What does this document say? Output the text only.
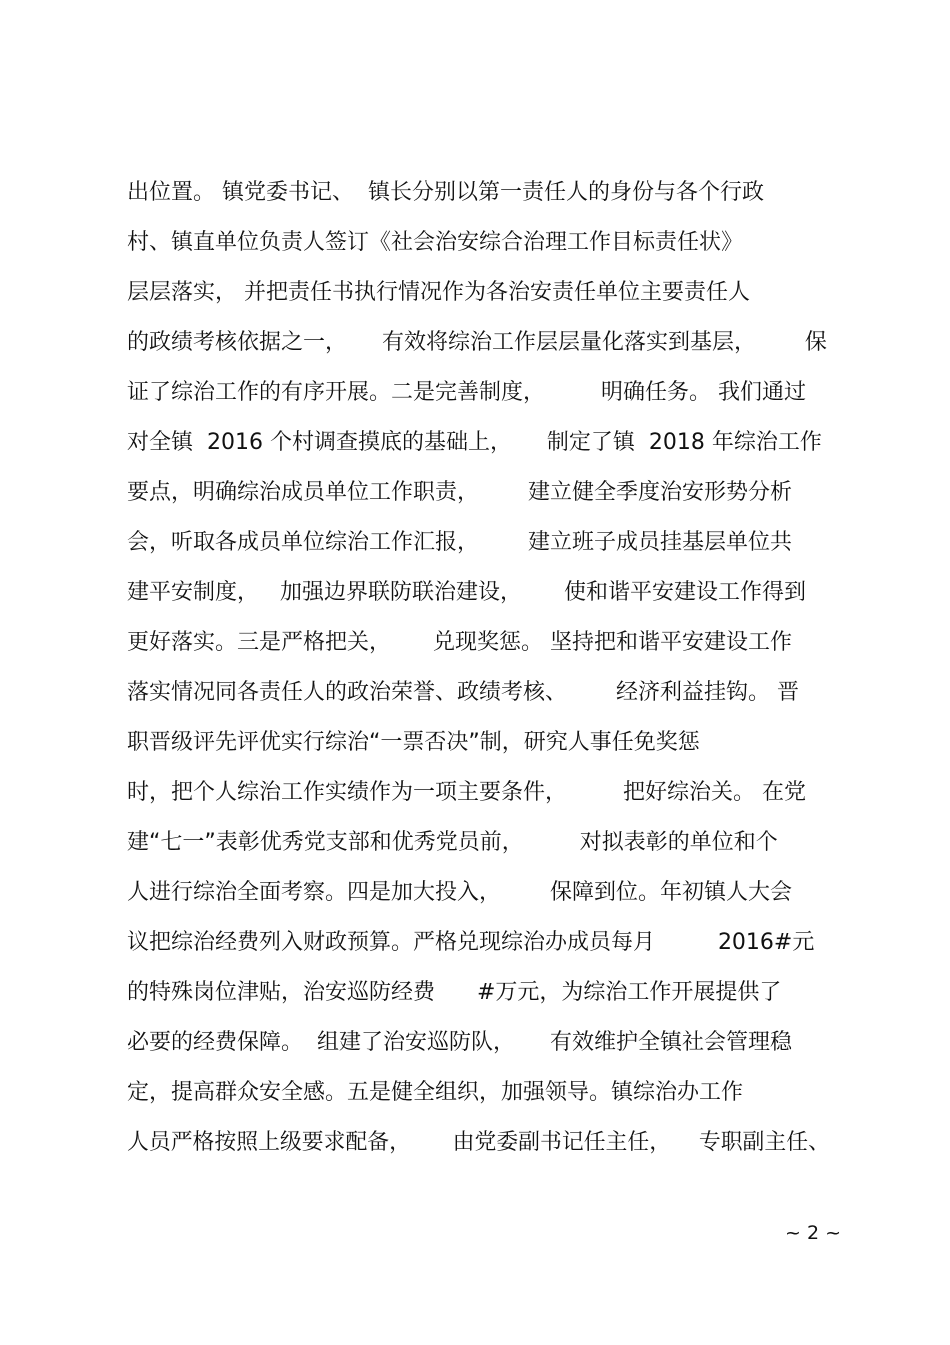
出位置。 镇党委书记、  镇长分别以第一责任人的身份与各个行政
村、镇直单位负责人签订《社会治安综合治理工作目标责任状》
层层落实， 并把责任书执行情况作为各治安责任单位主要责任人
的政绩考核依据之一，     有效将综治工作层层量化落实到基层，       保
证了综治工作的有序开展。二是完善制度，        明确任务。 我们通过
对全镇  2016 个村调查摸底的基础上，     制定了镇  2018 年综治工作
要点，明确综治成员单位工作职责，       建立健全季度治安形势分析
会，听取各成员单位综治工作汇报，       建立班子成员挂基层单位共
建平安制度，   加强边界联防联治建设，      使和谐平安建设工作得到
更好落实。三是严格把关，      兑现奖惩。 坚持把和谐平安建设工作
落实情况同各责任人的政治荣誉、政绩考核、       经济利益挂钩。 晋
职晋级评先评优实行综治“一票否决”制，研究人事任免奖惩
时，把个人综治工作实绩作为一项主要条件，        把好综治关。 在党
建“七一”表彰优秀党支部和优秀党员前，        对拟表彰的单位和个
人进行综治全面考察。四是加大投入，       保障到位。年初镇人大会
议把综治经费列入财政预算。严格兑现综治办成员每月         2016#元
的特殊岗位津贴，治安巡防经费      #万元，为综治工作开展提供了
必要的经费保障。  组建了治安巡防队，     有效维护全镇社会管理稳
定，提高群众安全感。五是健全组织，加强领导。镇综治办工作
人员严格按照上级要求配备，      由党委副书记任主任，    专职副主任、
~ 2 ~
